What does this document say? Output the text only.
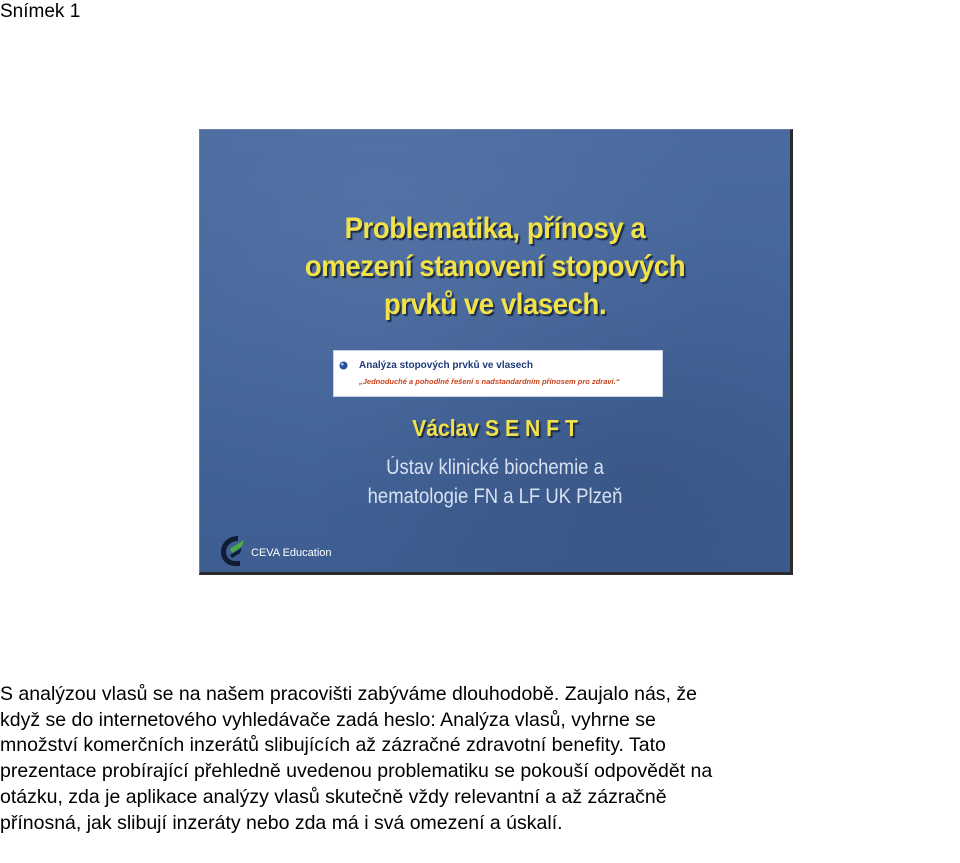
Snímek 1
Problematika, přínosy a
omezení stanovení stopových
prvků ve vlasech.
Analýza stopových prvků ve vlasech
„Jednoduché a pohodlné řešení s nadstandardním přínosem pro zdraví.“
Václav S E N F T
Ústav klinické biochemie a
hematologie FN a LF UK Plzeň
CEVA Education
S analýzou vlasů se na našem pracovišti zabýváme dlouhodobě. Zaujalo nás, že
když se do internetového vyhledávače zadá heslo: Analýza vlasů, vyhrne se
množství komerčních inzerátů slibujících až zázračné zdravotní benefity. Tato
prezentace probírající přehledně uvedenou problematiku se pokouší odpovědět na
otázku, zda je aplikace analýzy vlasů skutečně vždy relevantní a až zázračně
přínosná, jak slibují inzeráty nebo zda má i svá omezení a úskalí.
